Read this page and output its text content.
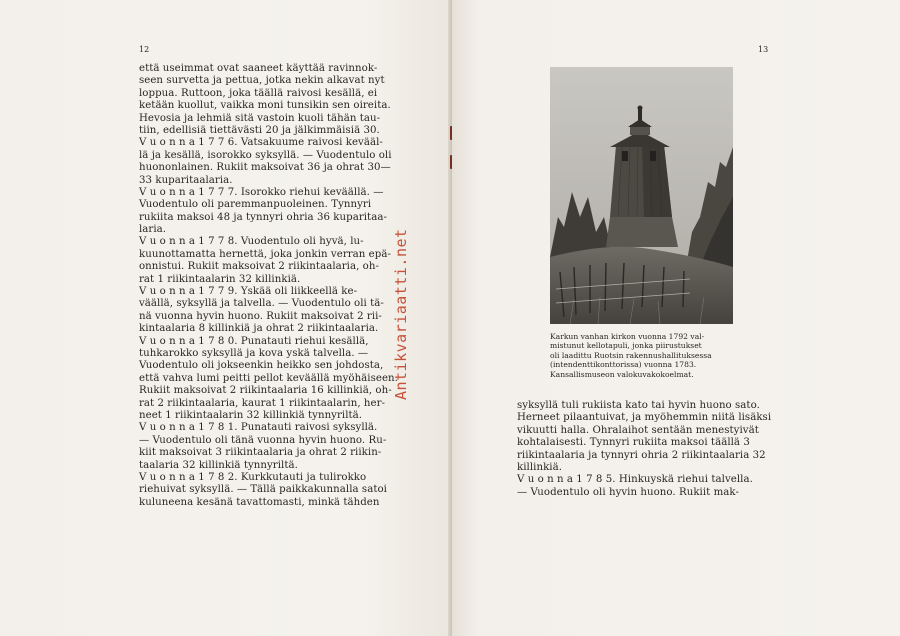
12
että useimmat ovat saaneet käyttää ravinnok-
seen survetta ja pettua, jotka nekin alkavat nyt
loppua. Ruttoon, joka täällä raivosi kesällä, ei
ketään kuollut, vaikka moni tunsikin sen oireita.
Hevosia ja lehmiä sitä vastoin kuoli tähän tau-
tiin, edellisiä tiettävästi 20 ja jälkimmäisiä 30.
V u o n n a 1 7 7 6. Vatsakuume raivosi kevääl-
lä ja kesällä, isorokko syksyllä. — Vuodentulo oli
huononlainen. Rukiit maksoivat 36 ja ohrat 30—
33 kuparitaalaria.
V u o n n a 1 7 7 7. Isorokko riehui keväällä. —
Vuodentulo oli paremmanpuoleinen. Tynnyri
rukiita maksoi 48 ja tynnyri ohria 36 kuparitaa-
laria.
V u o n n a 1 7 7 8. Vuodentulo oli hyvä, lu-
kuunottamatta hernettä, joka jonkin verran epä-
onnistui. Rukiit maksoivat 2 riikintaalaria, oh-
rat 1 riikintaalarin 32 killinkiä.
V u o n n a 1 7 7 9. Yskää oli liikkeellä ke-
väällä, syksyllä ja talvella. — Vuodentulo oli tä-
nä vuonna hyvin huono. Rukiit maksoivat 2 rii-
kintaalaria 8 killinkiä ja ohrat 2 riikintaalaria.
V u o n n a 1 7 8 0. Punatauti riehui kesällä,
tuhkarokko syksyllä ja kova yskä talvella. —
Vuodentulo oli jokseenkin heikko sen johdosta,
että vahva lumi peitti pellot keväällä myöhäiseen.
Rukiit maksoivat 2 riikintaalaria 16 killinkiä, oh-
rat 2 riikintaalaria, kaurat 1 riikintaalarin, her-
neet 1 riikintaalarin 32 killinkiä tynnyriltä.
V u o n n a 1 7 8 1. Punatauti raivosi syksyllä.
— Vuodentulo oli tänä vuonna hyvin huono. Ru-
kiit maksoivat 3 riikintaalaria ja ohrat 2 riikin-
taalaria 32 killinkiä tynnyriltä.
V u o n n a 1 7 8 2. Kurkkutauti ja tulirokko
riehuivat syksyllä. — Tällä paikkakunnalla satoi
kuluneena kesänä tavattomasti, minkä tähden
Antikvariaatti.net
13
Karkun vanhan kirkon vuonna 1792 val-
mistunut kellotapuli, jonka piirustukset
oli laadittu Ruotsin rakennushallituksessa
(intendenttikonttorissa) vuonna 1783.
Kansallismuseon valokuvakokoelmat.
syksyllä tuli rukiista kato tai hyvin huono sato.
Herneet pilaantuivat, ja myöhemmin niitä lisäksi
vikuutti halla. Ohralaihot sentään menestyivät
kohtalaisesti. Tynnyri rukiita maksoi täällä 3
riikintaalaria ja tynnyri ohria 2 riikintaalaria 32
killinkiä.
V u o n n a 1 7 8 5. Hinkuyskä riehui talvella.
— Vuodentulo oli hyvin huono. Rukiit mak-
